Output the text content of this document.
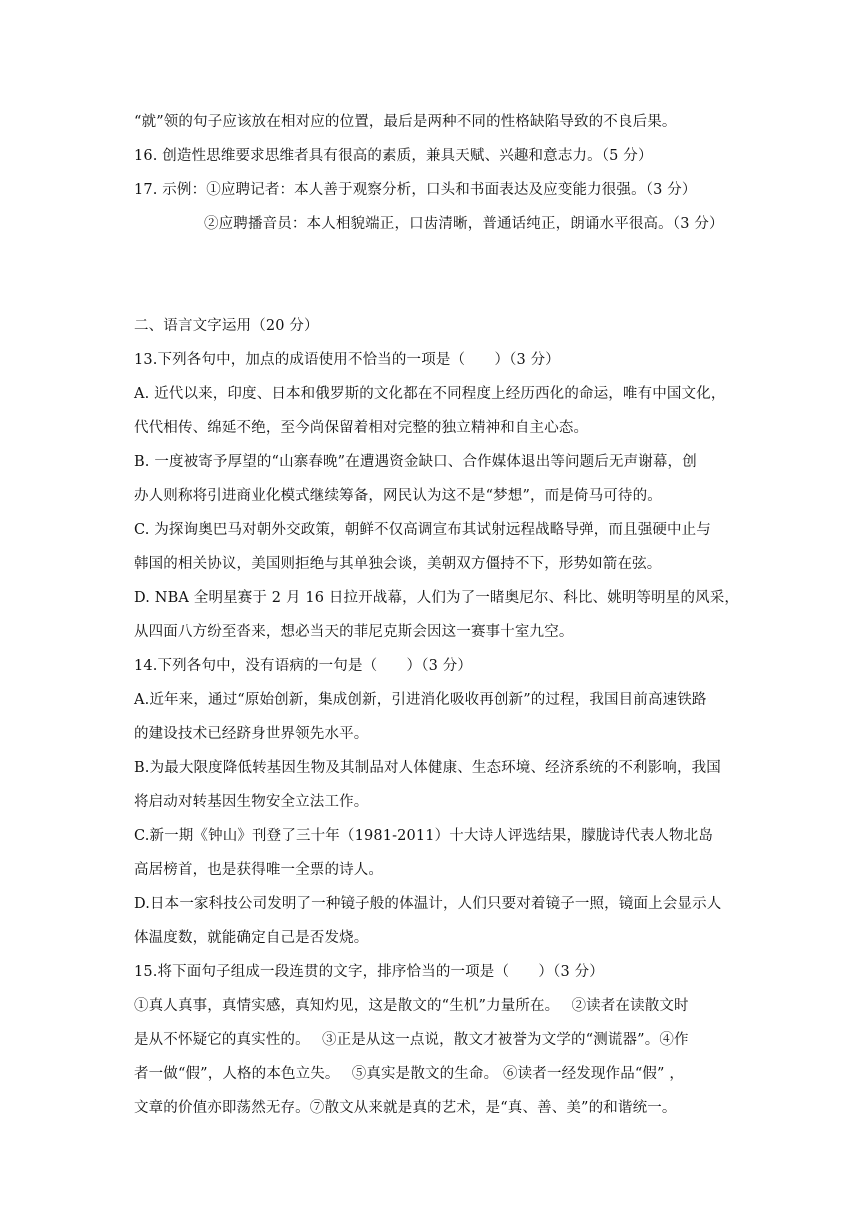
“就”领的句子应该放在相对应的位置，最后是两种不同的性格缺陷导致的不良后果。
16. 创造性思维要求思维者具有很高的素质，兼具天赋、兴趣和意志力。（5 分）
17. 示例：①应聘记者：本人善于观察分析，口头和书面表达及应变能力很强。（3 分）
②应聘播音员：本人相貌端正，口齿清晰，普通话纯正，朗诵水平很高。（3 分）
二、语言文字运用（20 分）
13.下列各句中，加点的成语使用不恰当的一项是（　　）（3 分）
A. 近代以来，印度、日本和俄罗斯的文化都在不同程度上经历西化的命运，唯有中国文化，
代代相传、绵延不绝，至今尚保留着相对完整的独立精神和自主心态。
B. 一度被寄予厚望的“山寨春晚”在遭遇资金缺口、合作媒体退出等问题后无声谢幕，创
办人则称将引进商业化模式继续筹备，网民认为这不是“梦想”，而是倚马可待的。
C. 为探询奥巴马对朝外交政策，朝鲜不仅高调宣布其试射远程战略导弹，而且强硬中止与
韩国的相关协议，美国则拒绝与其单独会谈，美朝双方僵持不下，形势如箭在弦。
D. NBA 全明星赛于 2 月 16 日拉开战幕，人们为了一睹奥尼尔、科比、姚明等明星的风采，
从四面八方纷至沓来，想必当天的菲尼克斯会因这一赛事十室九空。
14.下列各句中，没有语病的一句是（　　）（3 分）
A.近年来，通过“原始创新，集成创新，引进消化吸收再创新”的过程，我国目前高速铁路
的建设技术已经跻身世界领先水平。
B.为最大限度降低转基因生物及其制品对人体健康、生态环境、经济系统的不利影响，我国
将启动对转基因生物安全立法工作。
C.新一期《钟山》刊登了三十年（1981-2011）十大诗人评选结果，朦胧诗代表人物北岛
高居榜首，也是获得唯一全票的诗人。
D.日本一家科技公司发明了一种镜子般的体温计，人们只要对着镜子一照，镜面上会显示人
体温度数，就能确定自己是否发烧。
15.将下面句子组成一段连贯的文字，排序恰当的一项是（　　）（3 分）
①真人真事，真情实感，真知灼见，这是散文的“生机”力量所在。　 ②读者在读散文时
是从不怀疑它的真实性的。　 ③正是从这一点说，散文才被誉为文学的“测谎器”。④作
者一做“假”，人格的本色立失。　 ⑤真实是散文的生命。 ⑥读者一经发现作品“假” ，
文章的价值亦即荡然无存。⑦散文从来就是真的艺术，是“真、善、美”的和谐统一。
